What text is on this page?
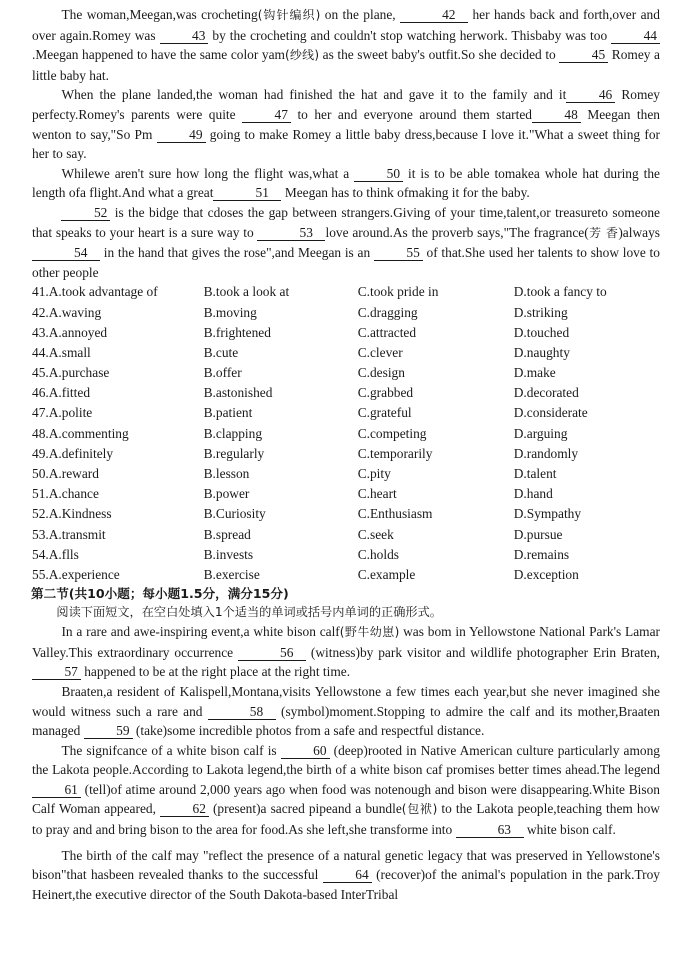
The woman,Meegan,was crocheting(钩针编织) on the plane,	42 her hands back and forth,over and over again.Romey was	43 by the crocheting and couldn't stop watching herwork. Thisbaby was too	44.Meegan happened to have the same color yam(纱线) as the sweet baby's outfit.So she decided to	45 Romey a little baby hat.

When the plane landed,the woman had finished the hat and gave it to the family and it 46 Romey perfecty.Romey's parents were quite	47 to her and everyone around them started 48 Meegan then wenton to say,"So Pm	49 going to make Romey a little baby dress,because I love it."What a sweet thing for her to say.

Whilewe aren't sure how long the flight was,what a	50 it is to be able tomakea whole hat during the length ofa flight.And what a great	51 Meegan has to think ofmaking it for the baby.

52 is the bidge that cdoses the gap between strangers.Giving of your time,talent,or treasureto someone that speaks to your heart is a sure way to	53 love around.As the proverb says,"The fragrance(芳 香)always 54 in the hand that gives the rose",and Meegan is an	55 of that.She used her talents to show love to other people

41.A.took advantage of	B.took a look at	C.took pride in	D.took a fancy to
42.A.waving	B.moving	C.dragging	D.striking
43.A.annoyed	B.frightened	C.attracted	D.touched
44.A.small	B.cute	C.clever	D.naughty
45.A.purchase	B.offer	C.design	D.make
46.A.fitted	B.astonished	C.grabbed	D.decorated
47.A.polite	B.patient	C.grateful	D.considerate
48.A.commenting	B.clapping	C.competing	D.arguing
49.A.definitely	B.regularly	C.temporarily	D.randomly
50.A.reward	B.lesson	C.pity	D.talent
51.A.chance	B.power	C.heart	D.hand
52.A.Kindness	B.Curiosity	C.Enthusiasm	D.Sympathy
53.A.transmit	B.spread	C.seek	D.pursue
54.A.flls	B.invests	C.holds	D.remains
55.A.experience	B.exercise	C.example	D.exception
第二节(共10小题；每小题1.5分，满分15分)
阅读下面短文，在空白处填入1个适当的单词或括号内单词的正确形式。

In a rare and awe-inspiring event,a white bison calf(野牛幼崽) was bom in Yellowstone National Park's Lamar Valley.This extraordinary occurrence	56 (witness)by park visitor and wildlife photographer Erin Braten, 57 happened to be at the right place at the right time.

Braaten,a resident of Kalispell,Montana,visits Yellowstone a few times each year,but she never imagined she would witness such a rare and	58 (symbol)moment.Stopping to admire the calf and its mother,Braaten managed	59 (take)some incredible photos from a safe and respectful distance.

The signifcance of a white bison calf is	60 (deep)rooted in Native American culture particularly among the Lakota people.According to Lakota legend,the birth of a white bison caf promises better times ahead.The legend 61 (tell)of atime around 2,000 years ago when food was notenough and bison were disappearing.White Bison Calf Woman appeared,	62 (present)a sacred pipeand a bundle(包袱) to the Lakota people,teaching them how to pray and and bring bison to the area for food.As she left,she transforme into	63 white bison calf.

The birth of the calf may "reflect the presence of a natural genetic legacy that was preserved in Yellowstone's bison"that hasbeen revealed thanks to the successful	64 (recover)of the animal's population in the park.Troy Heinert,the executive director of the South Dakota-based InterTribal
